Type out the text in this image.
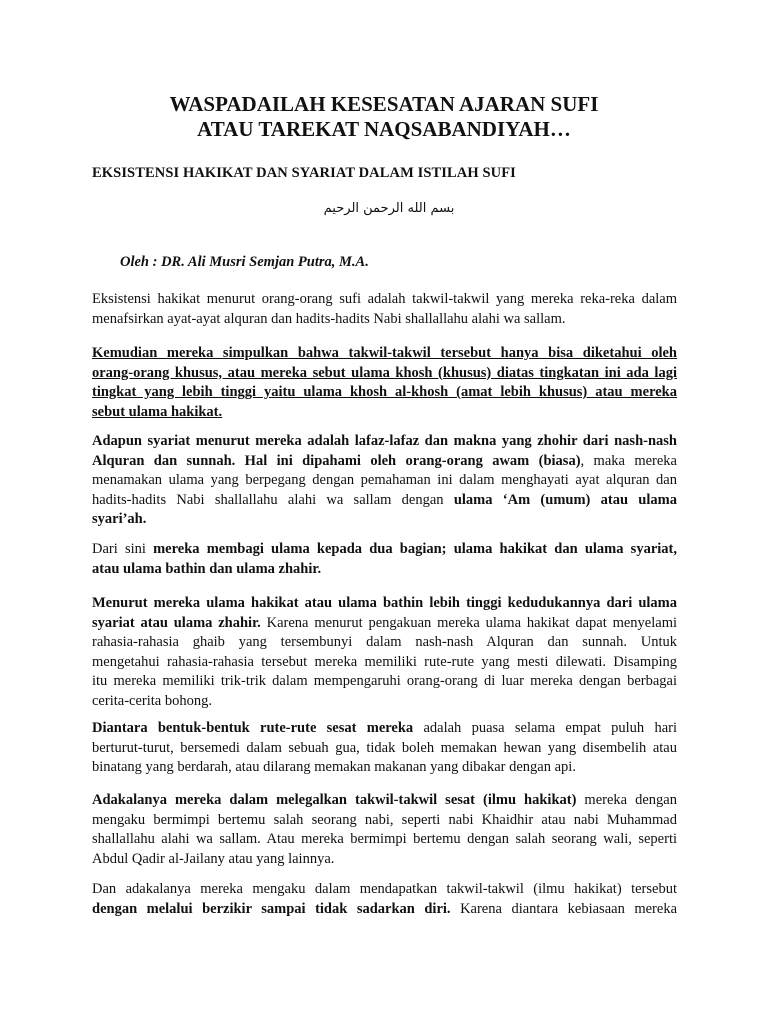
WASPADAILAH KESESATAN AJARAN SUFI
ATAU TAREKAT NAQSABANDIYAH…
EKSISTENSI HAKIKAT DAN SYARIAT DALAM ISTILAH SUFI
بسم الله الرحمن الرحيم
Oleh : DR. Ali Musri Semjan Putra, M.A.
Eksistensi hakikat menurut orang-orang sufi adalah takwil-takwil yang mereka reka-reka dalam
menafsirkan ayat-ayat alquran dan hadits-hadits Nabi shallallahu alahi wa sallam.
Kemudian mereka simpulkan bahwa takwil-takwil tersebut hanya bisa diketahui oleh
orang-orang khusus, atau mereka sebut ulama khosh (khusus) diatas tingkatan ini ada lagi
tingkat yang lebih tinggi yaitu ulama khosh al-khosh (amat lebih khusus) atau mereka
sebut ulama hakikat.
Adapun syariat menurut mereka adalah lafaz-lafaz dan makna yang zhohir dari nash-nash
Alquran dan sunnah. Hal ini dipahami oleh orang-orang awam (biasa), maka mereka
menamakan ulama yang berpegang dengan pemahaman ini dalam menghayati ayat alquran dan
hadits-hadits Nabi shallallahu alahi wa sallam dengan ulama ‘Am (umum) atau ulama
syari’ah.
Dari sini mereka membagi ulama kepada dua bagian; ulama hakikat dan ulama syariat,
atau ulama bathin dan ulama zhahir.
Menurut mereka ulama hakikat atau ulama bathin lebih tinggi kedudukannya dari ulama
syariat atau ulama zhahir. Karena menurut pengakuan mereka ulama hakikat dapat menyelami
rahasia-rahasia ghaib yang tersembunyi dalam nash-nash Alquran dan sunnah. Untuk
mengetahui rahasia-rahasia tersebut mereka memiliki rute-rute yang mesti dilewati. Disamping
itu mereka memiliki trik-trik dalam mempengaruhi orang-orang di luar mereka dengan berbagai
cerita-cerita bohong.
Diantara bentuk-bentuk rute-rute sesat mereka adalah puasa selama empat puluh hari
berturut-turut, bersemedi dalam sebuah gua, tidak boleh memakan hewan yang disembelih atau
binatang yang berdarah, atau dilarang memakan makanan yang dibakar dengan api.
Adakalanya mereka dalam melegalkan takwil-takwil sesat (ilmu hakikat) mereka dengan
mengaku bermimpi bertemu salah seorang nabi, seperti nabi Khaidhir atau nabi Muhammad
shallallahu alahi wa sallam. Atau mereka bermimpi bertemu dengan salah seorang wali, seperti
Abdul Qadir al-Jailany atau yang lainnya.
Dan adakalanya mereka mengaku dalam mendapatkan takwil-takwil (ilmu hakikat) tersebut
dengan melalui berzikir sampai tidak sadarkan diri. Karena diantara kebiasaan mereka
